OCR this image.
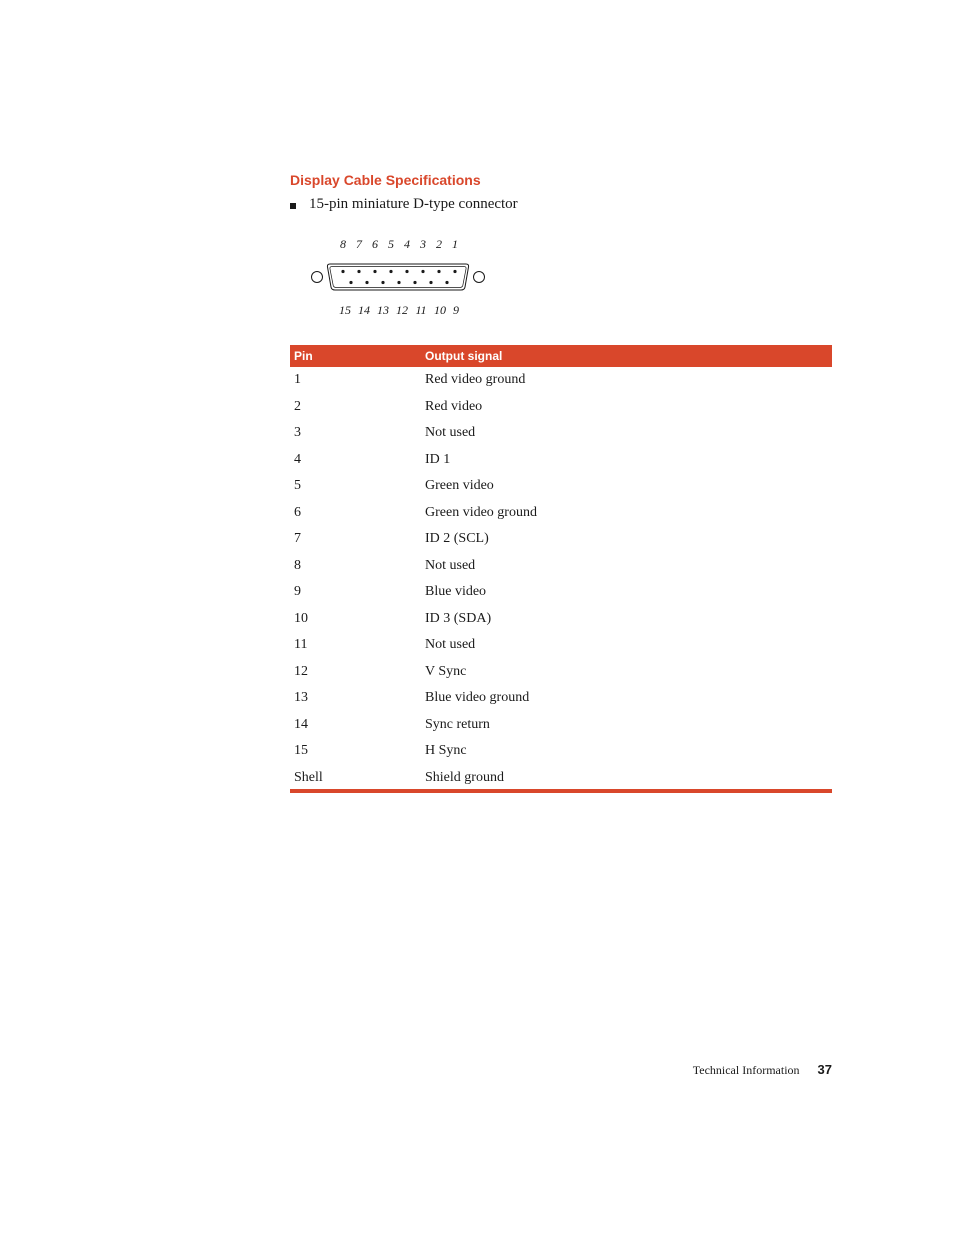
Display Cable Specifications
15-pin miniature D-type connector
8 7 6 5 4 3 2 1
15 14 13 12 11 10 9
Pin	Output signal
1	Red video ground
2	Red video
3	Not used
4	ID 1
5	Green video
6	Green video ground
7	ID 2 (SCL)
8	Not used
9	Blue video
10	ID 3 (SDA)
11	Not used
12	V Sync
13	Blue video ground
14	Sync return
15	H Sync
Shell	Shield ground
Technical Information 37
